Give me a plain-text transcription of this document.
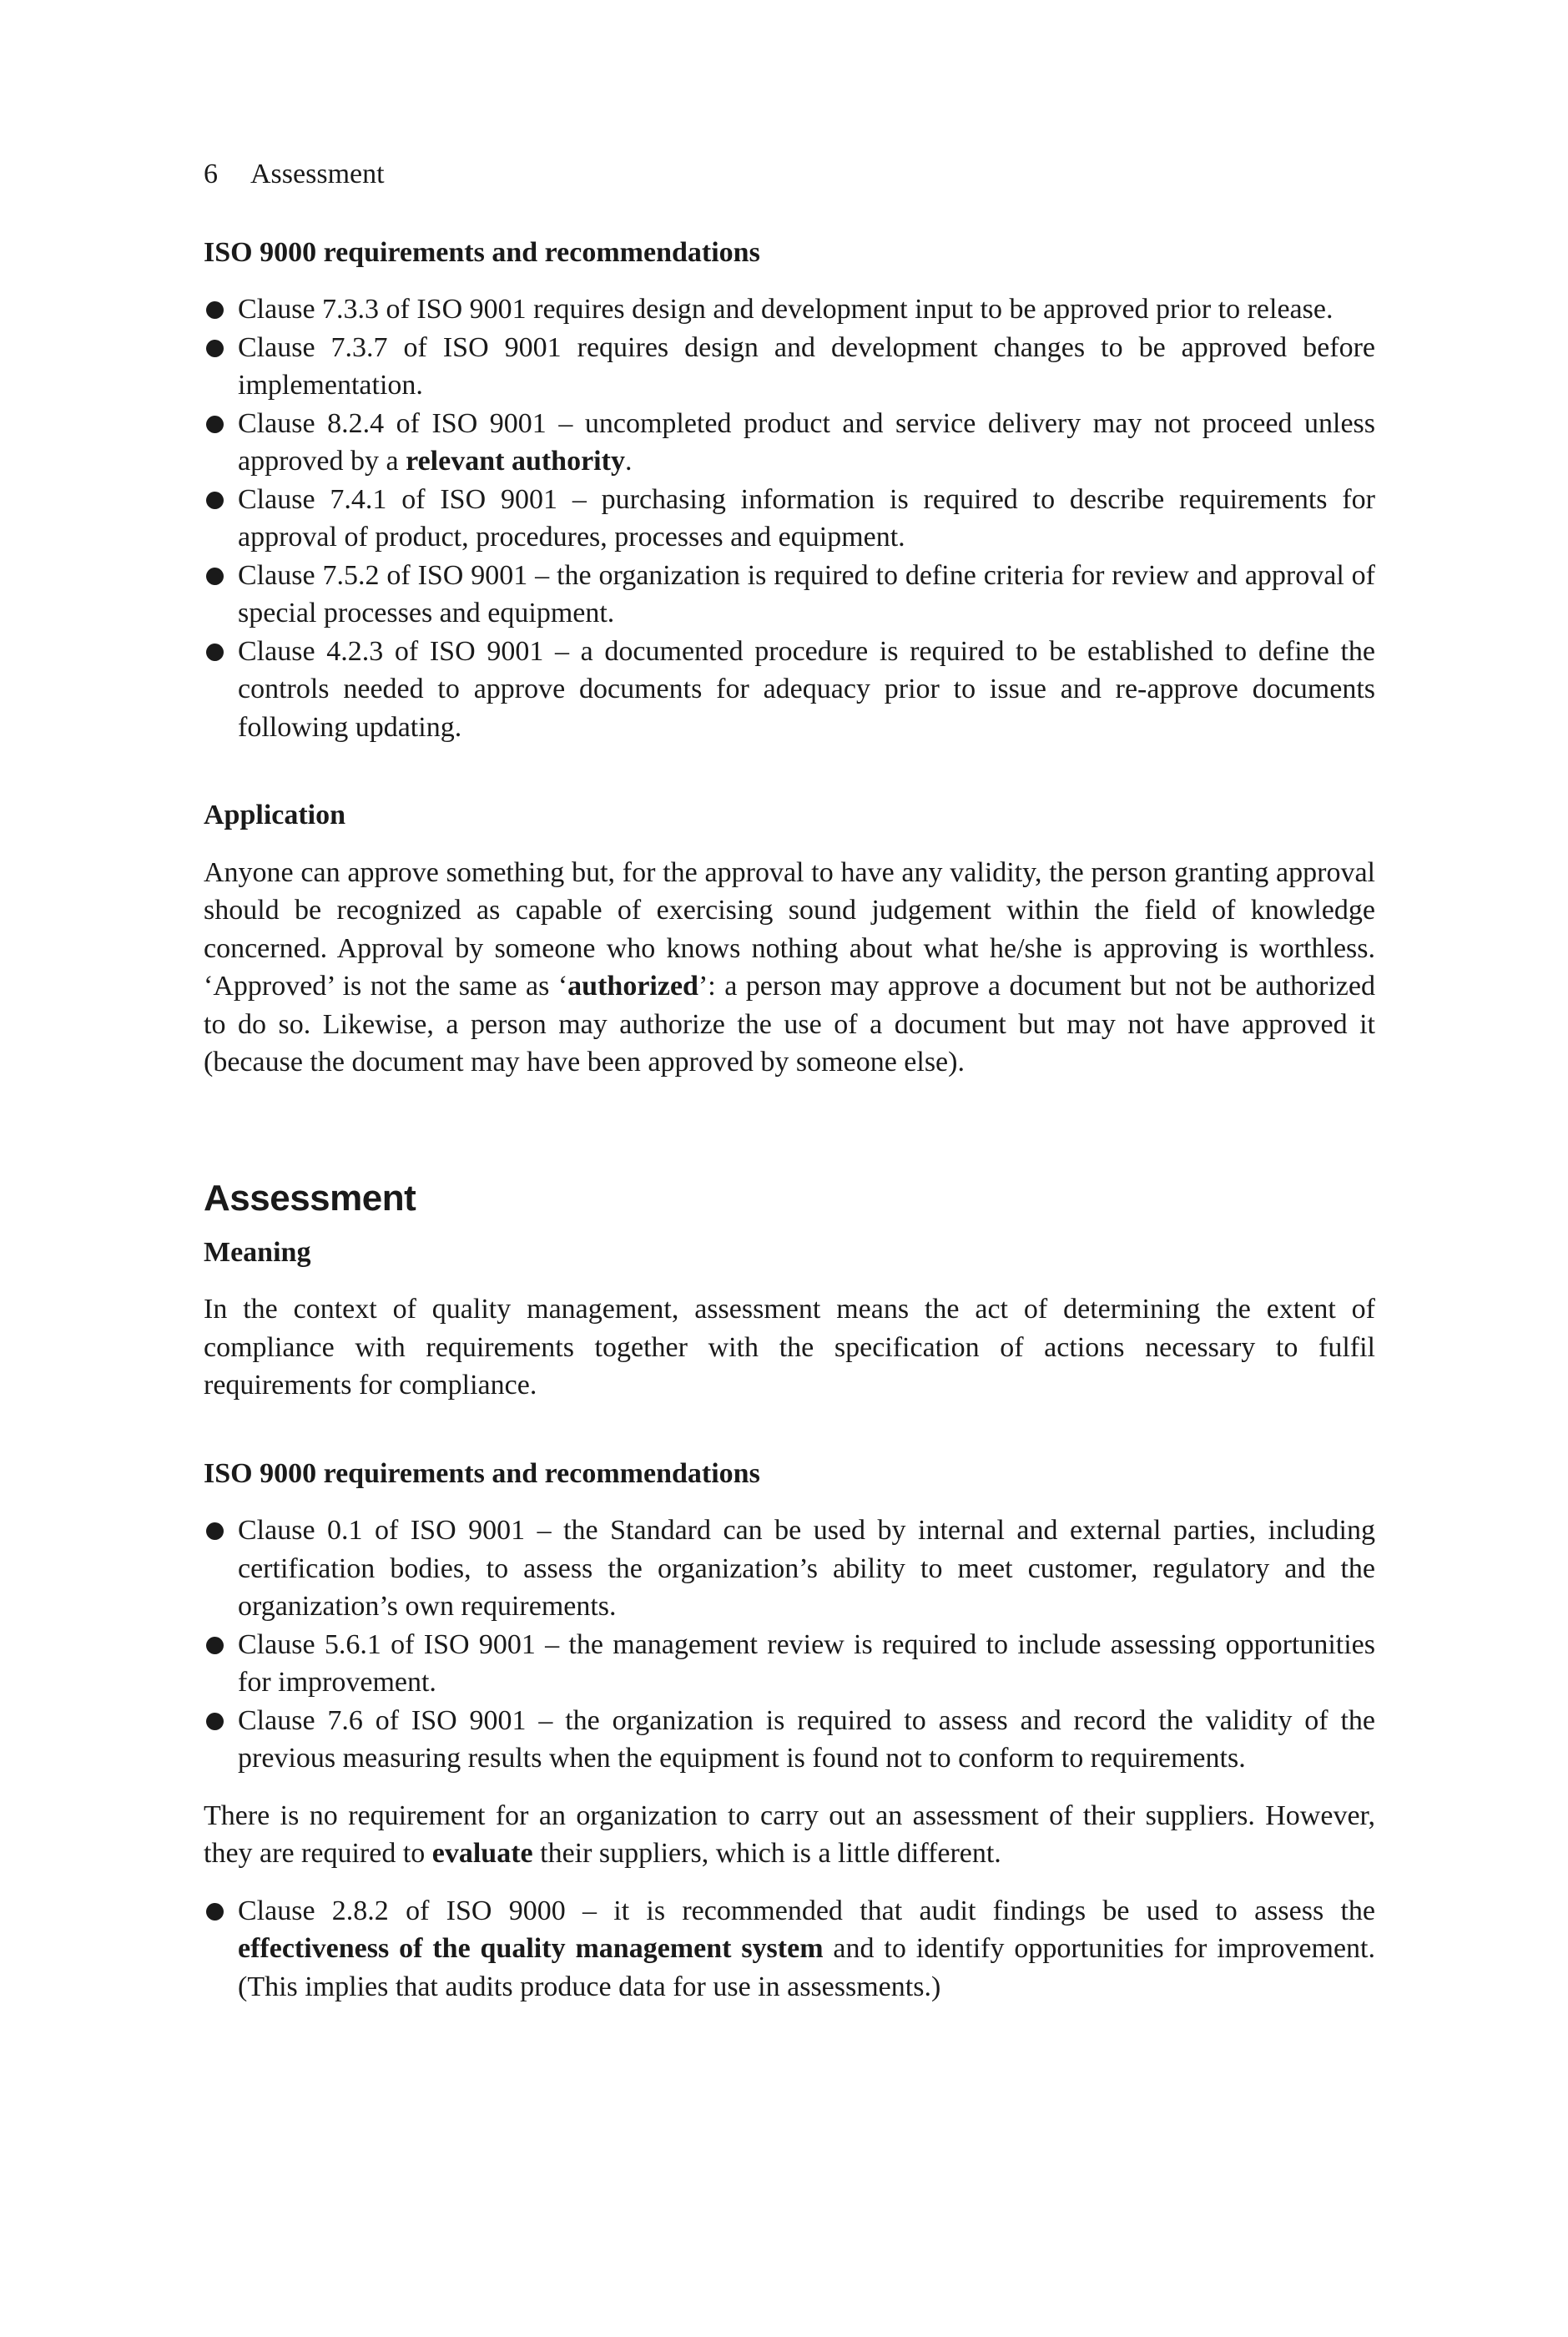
6 Assessment
ISO 9000 requirements and recommendations
Clause 7.3.3 of ISO 9001 requires design and development input to be approved prior to release.
Clause 7.3.7 of ISO 9001 requires design and development changes to be approved before implementation.
Clause 8.2.4 of ISO 9001 – uncompleted product and service delivery may not proceed unless approved by a relevant authority.
Clause 7.4.1 of ISO 9001 – purchasing information is required to describe requirements for approval of product, procedures, processes and equipment.
Clause 7.5.2 of ISO 9001 – the organization is required to define criteria for review and approval of special processes and equipment.
Clause 4.2.3 of ISO 9001 – a documented procedure is required to be established to define the controls needed to approve documents for adequacy prior to issue and re-approve documents following updating.
Application

Anyone can approve something but, for the approval to have any validity, the person granting approval should be recognized as capable of exercising sound judgement within the field of knowledge concerned. Approval by someone who knows nothing about what he/she is approving is worthless. ‘Approved’ is not the same as ‘authorized’: a person may approve a document but not be authorized to do so. Likewise, a person may authorize the use of a document but may not have approved it (because the document may have been approved by someone else).

Assessment
Meaning

In the context of quality management, assessment means the act of determining the extent of compliance with requirements together with the specification of actions necessary to fulfil requirements for compliance.

ISO 9000 requirements and recommendations
Clause 0.1 of ISO 9001 – the Standard can be used by internal and external parties, including certification bodies, to assess the organization’s ability to meet customer, regulatory and the organization’s own requirements.
Clause 5.6.1 of ISO 9001 – the management review is required to include assessing opportunities for improvement.
Clause 7.6 of ISO 9001 – the organization is required to assess and record the validity of the previous measuring results when the equipment is found not to conform to requirements.

There is no requirement for an organization to carry out an assessment of their suppliers. However, they are required to evaluate their suppliers, which is a little different.

Clause 2.8.2 of ISO 9000 – it is recommended that audit findings be used to assess the effectiveness of the quality management system and to identify opportunities for improvement. (This implies that audits produce data for use in assessments.)
